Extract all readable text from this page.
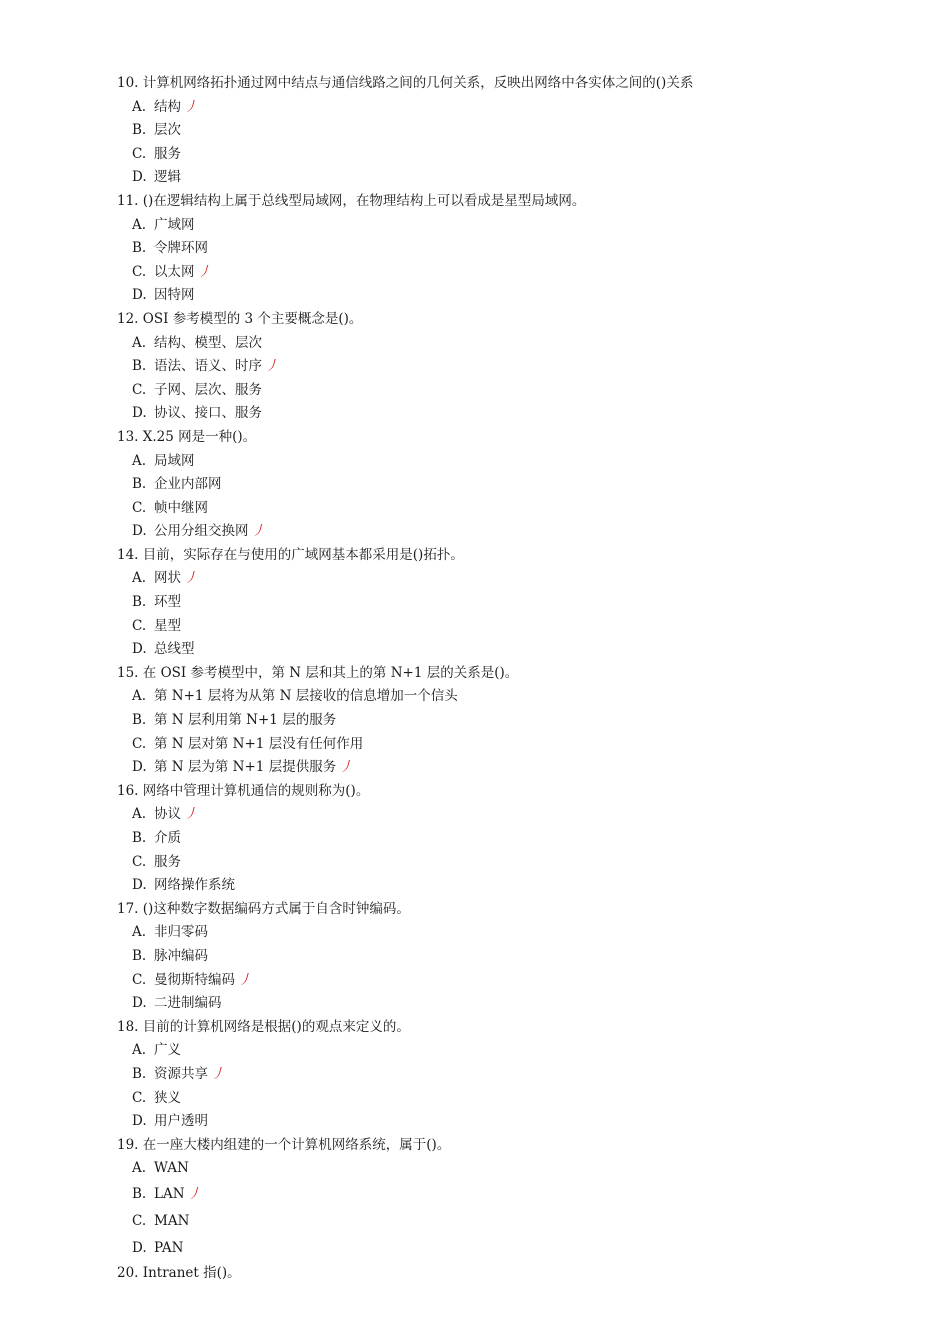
10. 计算机网络拓扑通过网中结点与通信线路之间的几何关系，反映出网络中各实体之间的()关系
A. 结构 丿
B. 层次
C. 服务
D. 逻辑
11. ()在逻辑结构上属于总线型局域网，在物理结构上可以看成是星型局域网。
A. 广域网
B. 令牌环网
C. 以太网 丿
D. 因特网
12. OSI 参考模型的 3 个主要概念是()。
A. 结构、模型、层次
B. 语法、语义、时序 丿
C. 子网、层次、服务
D. 协议、接口、服务
13. X.25 网是一种()。
A. 局域网
B. 企业内部网
C. 帧中继网
D. 公用分组交换网 丿
14. 目前，实际存在与使用的广域网基本都采用是()拓扑。
A. 网状 丿
B. 环型
C. 星型
D. 总线型
15. 在 OSI 参考模型中，第 N 层和其上的第 N+1 层的关系是()。
A. 第 N+1 层将为从第 N 层接收的信息增加一个信头
B. 第 N 层利用第 N+1 层的服务
C. 第 N 层对第 N+1 层没有任何作用
D. 第 N 层为第 N+1 层提供服务 丿
16. 网络中管理计算机通信的规则称为()。
A. 协议 丿
B. 介质
C. 服务
D. 网络操作系统
17. ()这种数字数据编码方式属于自含时钟编码。
A. 非归零码
B. 脉冲编码
C. 曼彻斯特编码 丿
D. 二进制编码
18. 目前的计算机网络是根据()的观点来定义的。
A. 广义
B. 资源共享 丿
C. 狭义
D. 用户透明
19. 在一座大楼内组建的一个计算机网络系统，属于()。
A. WAN
B. LAN 丿
C. MAN
D. PAN
20. Intranet 指()。
